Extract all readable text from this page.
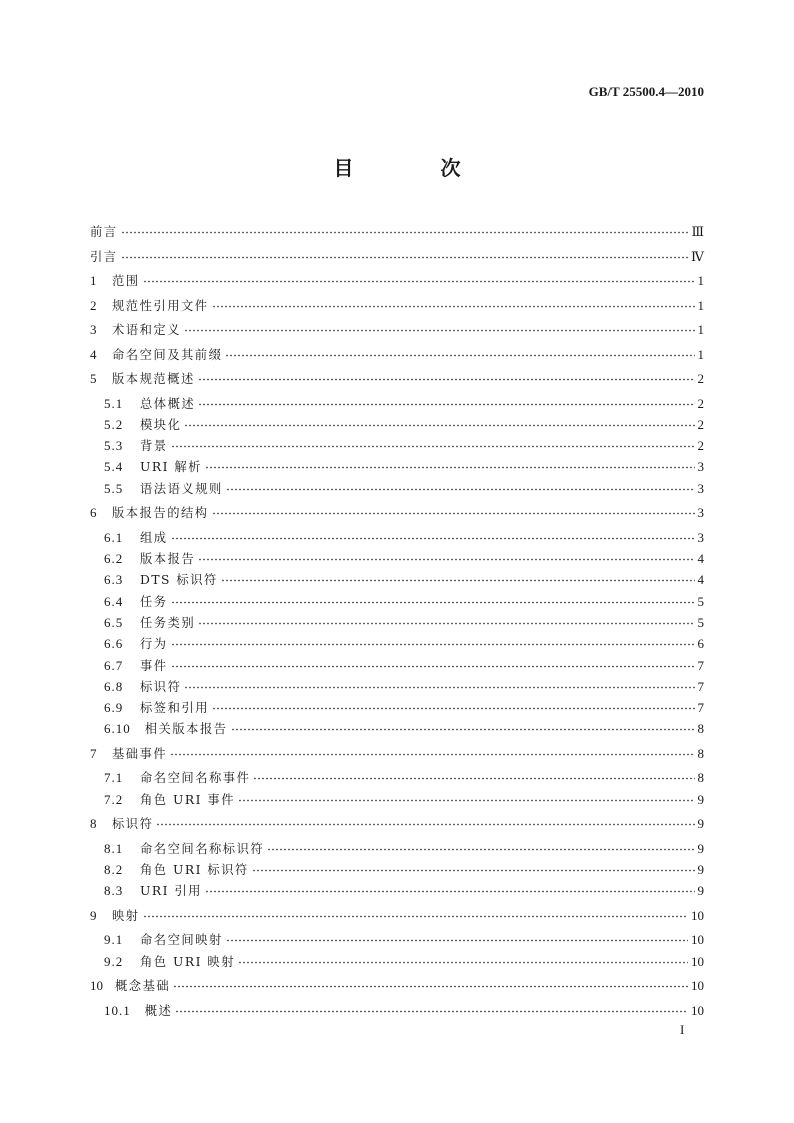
GB/T 25500.4—2010
目 次
前言	Ⅲ
引言	Ⅳ
1 范围	1
2 规范性引用文件	1
3 术语和定义	1
4 命名空间及其前缀	1
5 版本规范概述	2
5.1 总体概述	2
5.2 模块化	2
5.3 背景	2
5.4 URI 解析	3
5.5 语法语义规则	3
6 版本报告的结构	3
6.1 组成	3
6.2 版本报告	4
6.3 DTS 标识符	4
6.4 任务	5
6.5 任务类别	5
6.6 行为	6
6.7 事件	7
6.8 标识符	7
6.9 标签和引用	7
6.10 相关版本报告	8
7 基础事件	8
7.1 命名空间名称事件	8
7.2 角色 URI 事件	9
8 标识符	9
8.1 命名空间名称标识符	9
8.2 角色 URI 标识符	9
8.3 URI 引用	9
9 映射	10
9.1 命名空间映射	10
9.2 角色 URI 映射	10
10 概念基础	10
10.1 概述	10
I
